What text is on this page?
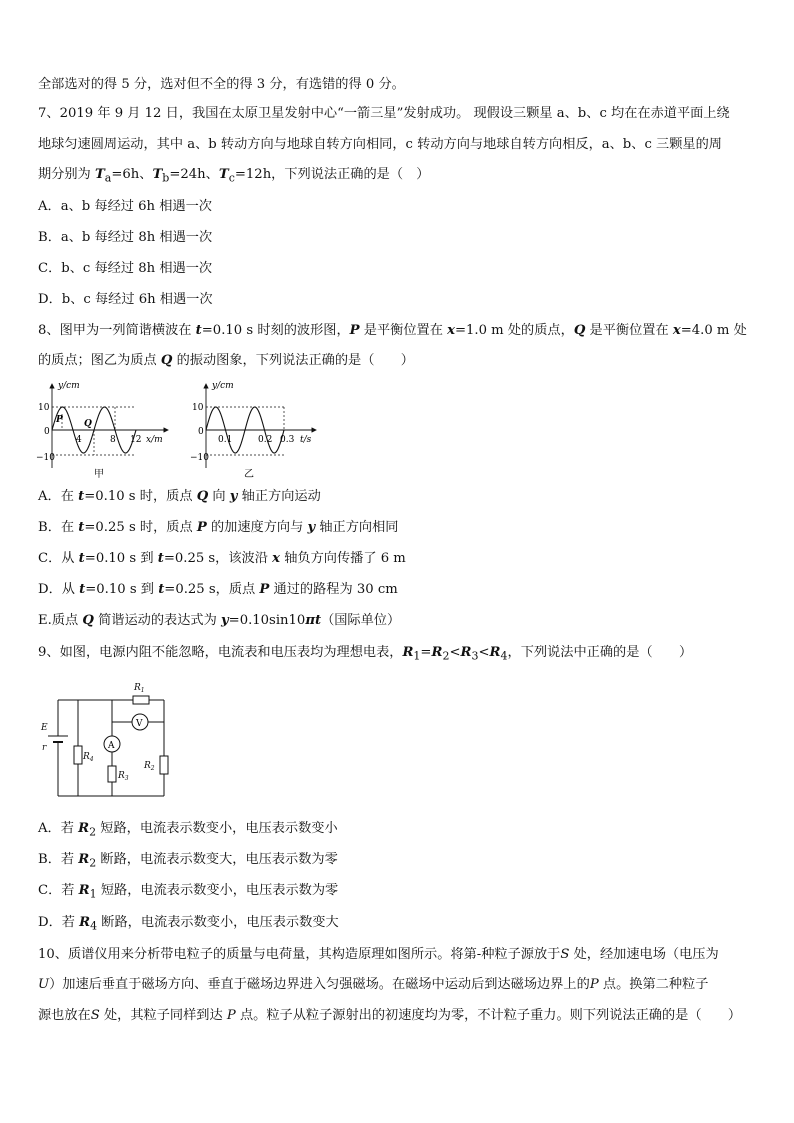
全部选对的得 5 分，选对但不全的得 3 分，有选错的得 0 分。
7、2019 年 9 月 12 日，我国在太原卫星发射中心“一箭三星”发射成功。 现假设三颗星 a、b、c 均在在赤道平面上绕
地球匀速圆周运动，其中 a、b 转动方向与地球自转方向相同，c 转动方向与地球自转方向相反，a、b、c 三颗星的周
期分别为 $T_a=6h$、$T_b=24h$、$T_c=12h$，下列说法正确的是（　）
A．a、b 每经过 6h 相遇一次
B．a、b 每经过 8h 相遇一次
C．b、c 每经过 8h 相遇一次
D．b、c 每经过 6h 相遇一次
8、图甲为一列简谐横波在 t=0.10 s 时刻的波形图，P 是平衡位置在 x=1.0 m 处的质点，Q 是平衡位置在 x=4.0 m 处
的质点；图乙为质点 Q 的振动图象，下列说法正确的是（　　）
y/cm
10
0
−10
P Q
4	8 12 x/m
甲
y/cm
10
0
−10
0.1	0.2 0.3 t/s
乙
A．在 t=0.10 s 时，质点 Q 向 y 轴正方向运动
B．在 t=0.25 s 时，质点 P 的加速度方向与 y 轴正方向相同
C．从 t=0.10 s 到 t=0.25 s，该波沿 x 轴负方向传播了 6 m
D．从 t=0.10 s 到 t=0.25 s，质点 P 通过的路程为 30 cm
E.质点 Q 简谐运动的表达式为 y=0.10sin10πt（国际单位）
9、如图，电源内阻不能忽略，电流表和电压表均为理想电表，$R_1=R_2<R_3<R_4$，下列说法中正确的是（　　）
E
r
$R_1$
$R_2$
$R_3$
$R_4$
A
V
A．若 $R_2$ 短路，电流表示数变小，电压表示数变小
B．若 $R_2$ 断路，电流表示数变大，电压表示数为零
C．若 $R_1$ 短路，电流表示数变小，电压表示数为零
D．若 $R_4$ 断路，电流表示数变小，电压表示数变大
10、质谱仪用来分析带电粒子的质量与电荷量，其构造原理如图所示。将第-种粒子源放于S 处，经加速电场（电压为
U）加速后垂直于磁场方向、垂直于磁场边界进入匀强磁场。在磁场中运动后到达磁场边界上的P 点。换第二种粒子
源也放在S 处，其粒子同样到达 P 点。粒子从粒子源射出的初速度均为零，不计粒子重力。则下列说法正确的是（　　）
